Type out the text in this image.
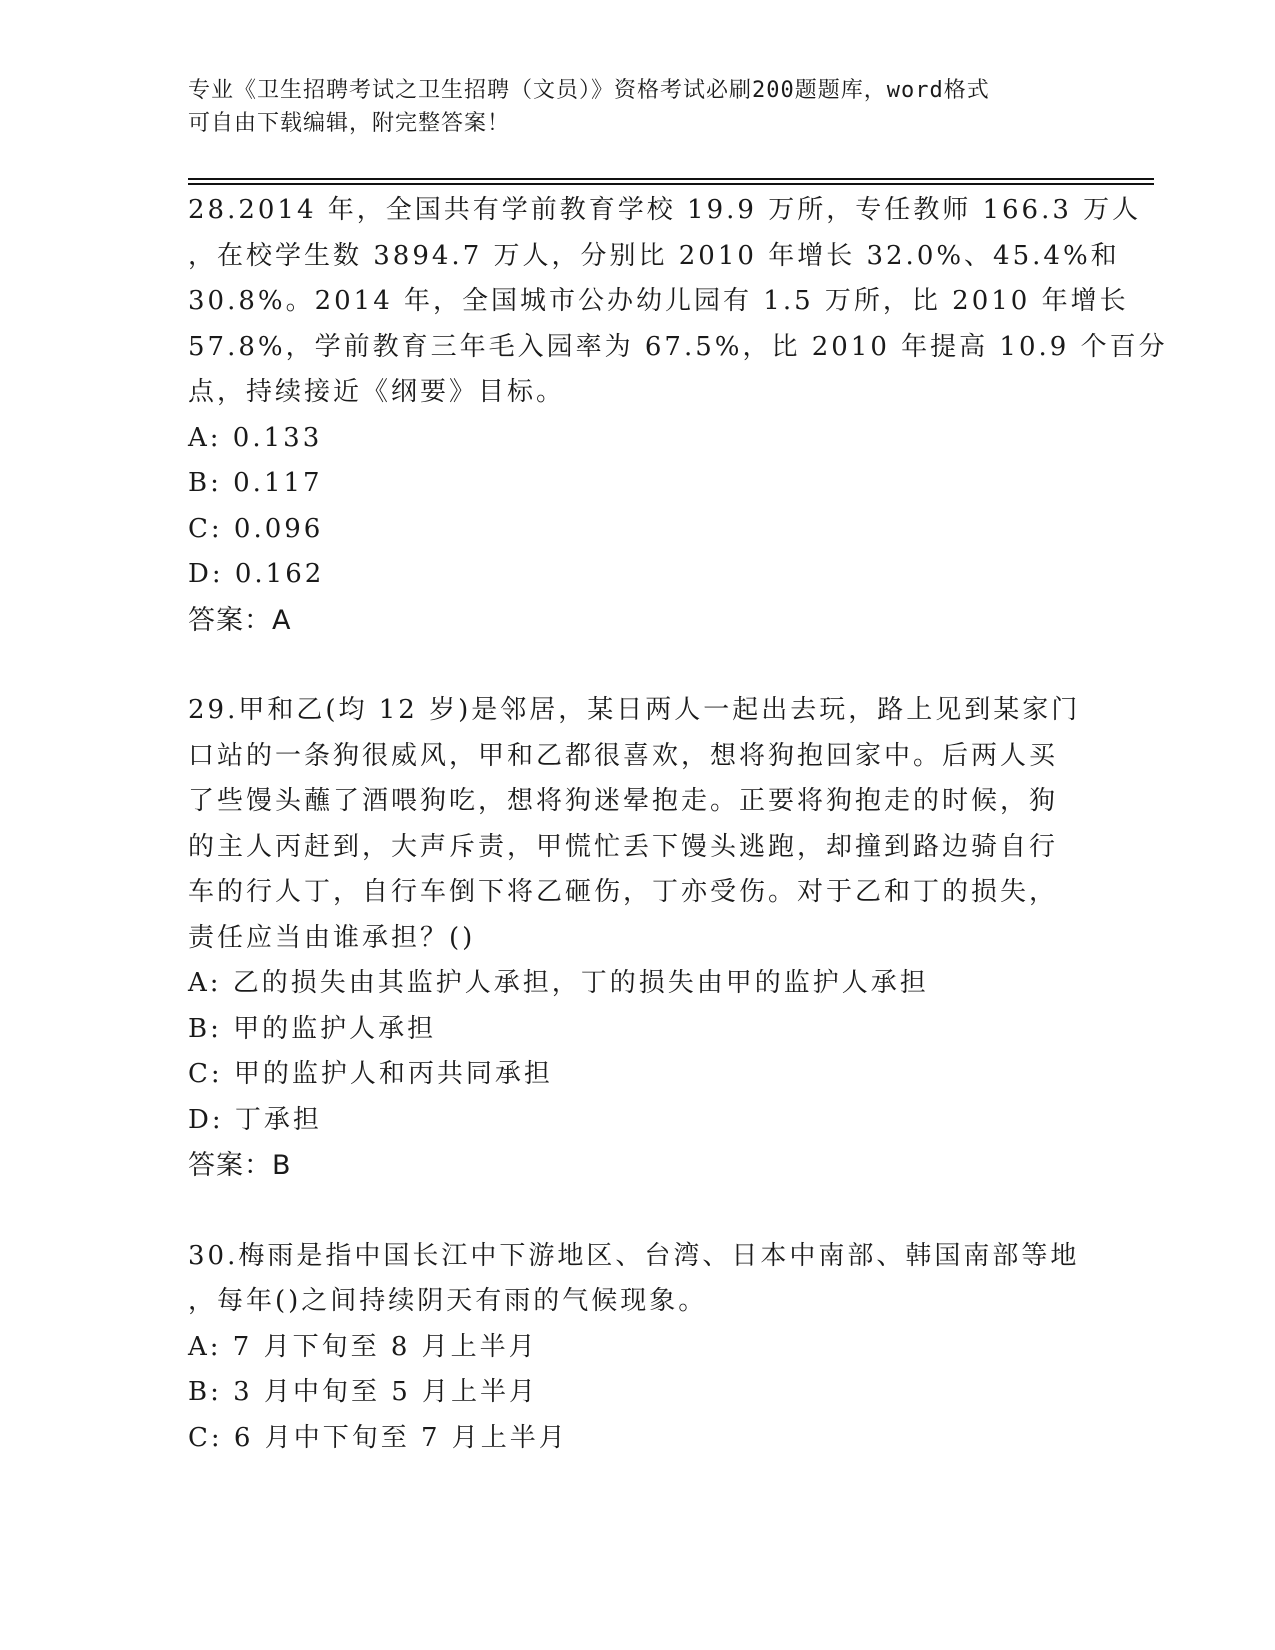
专业《卫生招聘考试之卫生招聘（文员）》资格考试必刷200题题库，word格式
可自由下载编辑，附完整答案！
28.2014 年，全国共有学前教育学校 19.9 万所，专任教师 166.3 万人
，在校学生数 3894.7 万人，分别比 2010 年增长 32.0%、45.4%和
30.8%。2014 年，全国城市公办幼儿园有 1.5 万所，比 2010 年增长
57.8%，学前教育三年毛入园率为 67.5%，比 2010 年提高 10.9 个百分
点，持续接近《纲要》目标。
A: 0.133
B: 0.117
C: 0.096
D: 0.162
答案：A
29.甲和乙(均 12 岁)是邻居，某日两人一起出去玩，路上见到某家门
口站的一条狗很威风，甲和乙都很喜欢，想将狗抱回家中。后两人买
了些馒头蘸了酒喂狗吃，想将狗迷晕抱走。正要将狗抱走的时候，狗
的主人丙赶到，大声斥责，甲慌忙丢下馒头逃跑，却撞到路边骑自行
车的行人丁，自行车倒下将乙砸伤，丁亦受伤。对于乙和丁的损失，
责任应当由谁承担？()
A: 乙的损失由其监护人承担，丁的损失由甲的监护人承担
B: 甲的监护人承担
C: 甲的监护人和丙共同承担
D: 丁承担
答案：B
30.梅雨是指中国长江中下游地区、台湾、日本中南部、韩国南部等地
，每年()之间持续阴天有雨的气候现象。
A: 7 月下旬至 8 月上半月
B: 3 月中旬至 5 月上半月
C: 6 月中下旬至 7 月上半月
